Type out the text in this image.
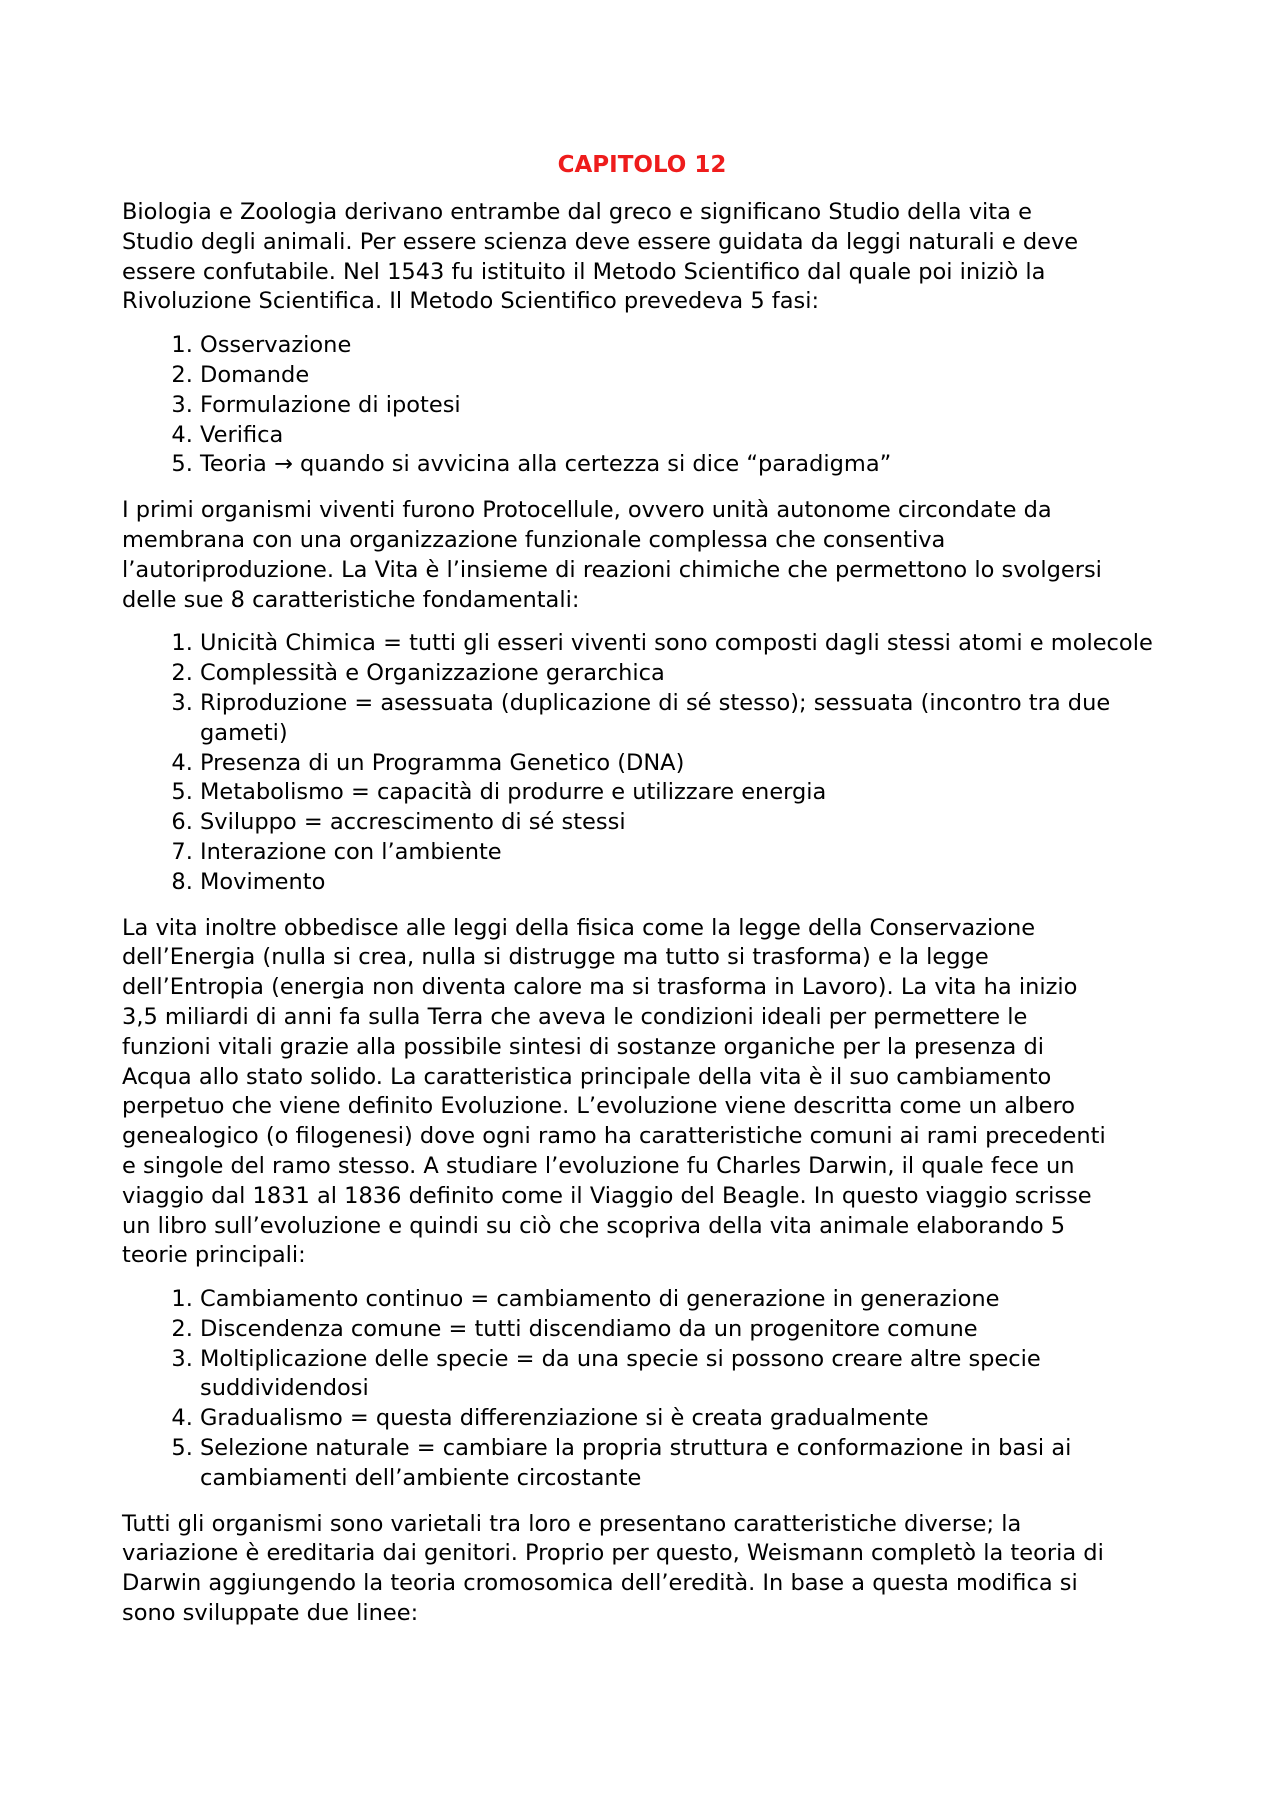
CAPITOLO 12
Biologia e Zoologia derivano entrambe dal greco e significano Studio della vita e
Studio degli animali. Per essere scienza deve essere guidata da leggi naturali e deve
essere confutabile. Nel 1543 fu istituito il Metodo Scientifico dal quale poi iniziò la
Rivoluzione Scientifica. Il Metodo Scientifico prevedeva 5 fasi:
1. Osservazione
2. Domande
3. Formulazione di ipotesi
4. Verifica
5. Teoria → quando si avvicina alla certezza si dice “paradigma”
I primi organismi viventi furono Protocellule, ovvero unità autonome circondate da
membrana con una organizzazione funzionale complessa che consentiva
l’autoriproduzione. La Vita è l’insieme di reazioni chimiche che permettono lo svolgersi
delle sue 8 caratteristiche fondamentali:
1. Unicità Chimica = tutti gli esseri viventi sono composti dagli stessi atomi e molecole
2. Complessità e Organizzazione gerarchica
3. Riproduzione = asessuata (duplicazione di sé stesso); sessuata (incontro tra due gameti)
4. Presenza di un Programma Genetico (DNA)
5. Metabolismo = capacità di produrre e utilizzare energia
6. Sviluppo = accrescimento di sé stessi
7. Interazione con l’ambiente
8. Movimento
La vita inoltre obbedisce alle leggi della fisica come la legge della Conservazione
dell’Energia (nulla si crea, nulla si distrugge ma tutto si trasforma) e la legge
dell’Entropia (energia non diventa calore ma si trasforma in Lavoro). La vita ha inizio
3,5 miliardi di anni fa sulla Terra che aveva le condizioni ideali per permettere le
funzioni vitali grazie alla possibile sintesi di sostanze organiche per la presenza di
Acqua allo stato solido. La caratteristica principale della vita è il suo cambiamento
perpetuo che viene definito Evoluzione. L’evoluzione viene descritta come un albero
genealogico (o filogenesi) dove ogni ramo ha caratteristiche comuni ai rami precedenti
e singole del ramo stesso. A studiare l’evoluzione fu Charles Darwin, il quale fece un
viaggio dal 1831 al 1836 definito come il Viaggio del Beagle. In questo viaggio scrisse
un libro sull’evoluzione e quindi su ciò che scopriva della vita animale elaborando 5
teorie principali:
1. Cambiamento continuo = cambiamento di generazione in generazione
2. Discendenza comune = tutti discendiamo da un progenitore comune
3. Moltiplicazione delle specie = da una specie si possono creare altre specie suddividendosi
4. Gradualismo = questa differenziazione si è creata gradualmente
5. Selezione naturale = cambiare la propria struttura e conformazione in basi ai cambiamenti dell’ambiente circostante
Tutti gli organismi sono varietali tra loro e presentano caratteristiche diverse; la
variazione è ereditaria dai genitori. Proprio per questo, Weismann completò la teoria di
Darwin aggiungendo la teoria cromosomica dell’eredità. In base a questa modifica si
sono sviluppate due linee:
